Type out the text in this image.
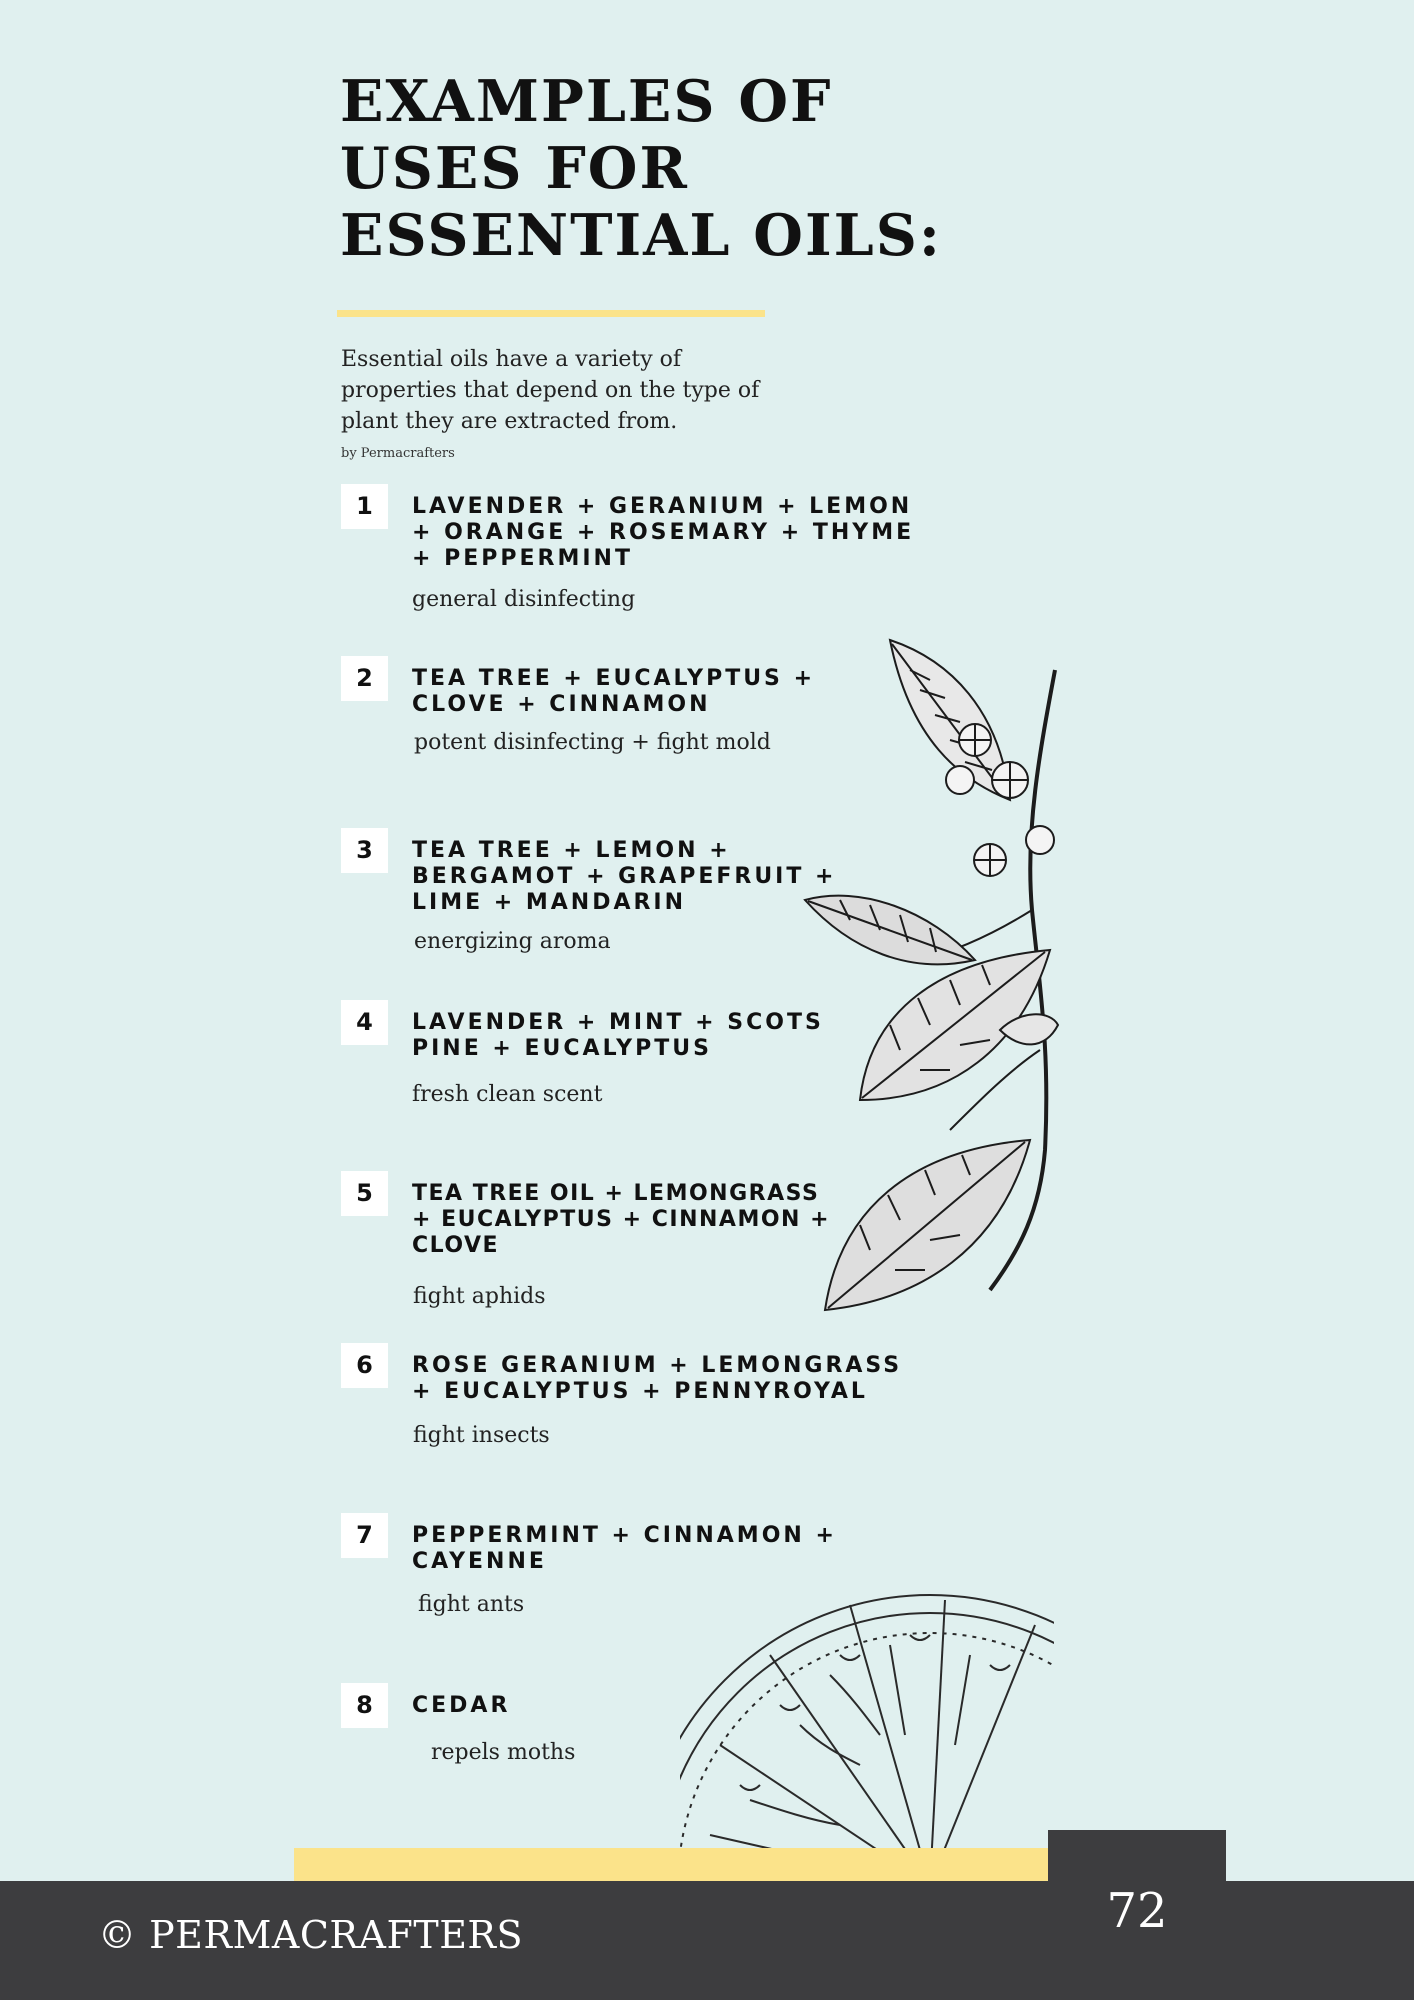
EXAMPLES OF
USES FOR
ESSENTIAL OILS:

Essential oils have a variety of properties that depend on the type of plant they are extracted from.

by Permacrafters
1	LAVENDER + GERANIUM + LEMON + ORANGE + ROSEMARY + THYME + PEPPERMINT
general disinfecting
2	TEA TREE + EUCALYPTUS + CLOVE + CINNAMON
potent disinfecting + fight mold
3	TEA TREE + LEMON + BERGAMOT + GRAPEFRUIT + LIME + MANDARIN
energizing aroma
4	LAVENDER + MINT + SCOTS PINE + EUCALYPTUS
fresh clean scent
5	TEA TREE OIL + LEMONGRASS + EUCALYPTUS + CINNAMON + CLOVE
fight aphids
6	ROSE GERANIUM + LEMONGRASS + EUCALYPTUS + PENNYROYAL
fight insects
7	PEPPERMINT + CINNAMON + CAYENNE
fight ants
8	CEDAR
repels moths
© PERMACRAFTERS	72
